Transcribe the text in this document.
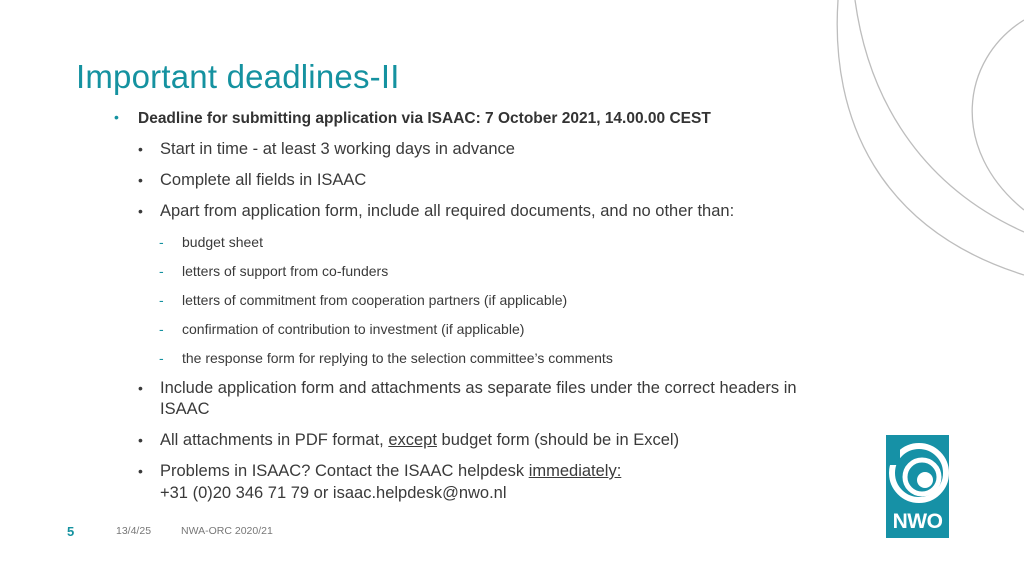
Important deadlines-II
• Deadline for submitting application via ISAAC: 7 October 2021, 14.00.00 CEST
• Start in time - at least 3 working days in advance
• Complete all fields in ISAAC
• Apart from application form, include all required documents, and no other than:
- budget sheet
- letters of support from co-funders
- letters of commitment from cooperation partners (if applicable)
- confirmation of contribution to investment (if applicable)
- the response form for replying to the selection committee’s comments
• Include application form and attachments as separate files under the correct headers in
ISAAC
• All attachments in PDF format, except budget form (should be in Excel)
• Problems in ISAAC? Contact the ISAAC helpdesk immediately:
+31 (0)20 346 71 79 or isaac.helpdesk@nwo.nl
NWO
5	13/4/25	NWA-ORC 2020/21
